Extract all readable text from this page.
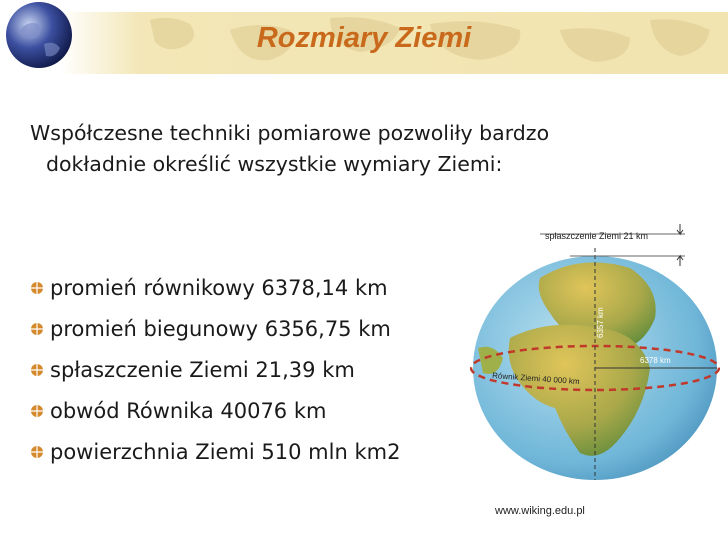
Rozmiary Ziemi
Współczesne techniki pomiarowe pozwoliły bardzo
dokładnie określić wszystkie wymiary Ziemi:
promień równikowy 6378,14 km
promień biegunowy 6356,75 km
spłaszczenie Ziemi 21,39 km
obwód Równika 40076 km
powierzchnia Ziemi 510 mln km2
spłaszczenie Ziemi 21 km
6357 km
6378 km
Równik Ziemi 40 000 km
www.wiking.edu.pl
